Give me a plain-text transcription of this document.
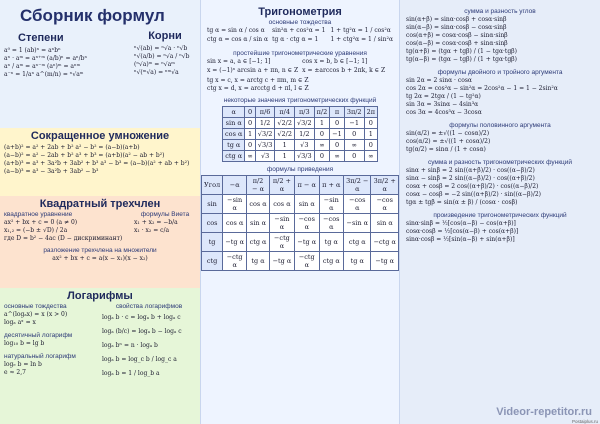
Сборник формул
Степени
a⁰ = 1 (ab)ⁿ = aⁿbⁿ
aⁿ · aᵐ = aⁿ⁺ᵐ (a/b)ⁿ = aⁿ/bⁿ
aⁿ / aᵐ = aⁿ⁻ᵐ (aⁿ)ᵐ = aⁿᵐ
a⁻ⁿ = 1/aⁿ a^(m/n) = ⁿ√aᵐ
Корни
ⁿ√(ab) = ⁿ√a · ⁿ√b
ⁿ√(a/b) = ⁿ√a / ⁿ√b
(ⁿ√a)ᵐ = ⁿ√aᵐ
ⁿ√(ᵐ√a) = ⁿᵐ√a
Сокращенное умножение
(a+b)² = a² + 2ab + b² a² − b² = (a−b)(a+b)
(a−b)² = a² − 2ab + b² a³ + b³ = (a+b)(a² − ab + b²)
(a+b)³ = a³ + 3a²b + 3ab² + b³ a³ − b³ = (a−b)(a² + ab + b²)
(a−b)³ = a³ − 3a²b + 3ab² − b³
Квадратный трехчлен
квадратное уравнение
ax² + bx + c = 0 (a ≠ 0)
x₁,₂ = (−b ± √D) / 2a
где D = b² − 4ac (D − дискриминант)
формулы Виета
x₁ + x₂ = −b/a
x₁ · x₂ = c/a
разложение трехчлена на множители
ax² + bx + c = a(x − x₁)(x − x₂)
Логарифмы
основные тождества
a^(logₐx) = x (x > 0)
logₐ aˣ = x
десятичный логарифм
log₁₀ b = lg b
натуральный логарифм
logₑ b = ln b
e ≈ 2,7
свойства логарифмов
logₐ b · c = logₐ b + logₐ c
logₐ (b/c) = logₐ b − logₐ c
logₐ bⁿ = n · logₐ b
logₐ b = log_c b / log_c a
logₐ b = 1 / log_b a
Тригонометрия
основные тождества
tg α = sin α / cos α	sin²α + cos²α = 1 1 + tg²α = 1 / cos²α
ctg α = cos α / sin α tg α · ctg α = 1	1 + ctg²α = 1 / sin²α
простейшие тригонометрические уравнения
sin x = a, a ∈ [−1; 1]	cos x = b, b ∈ [−1; 1]
x = (−1)ⁿ arcsin a + πn, n ∈ Z x = ±arccos b + 2πk, k ∈ Z
tg x = c, x = arctg c + πm, m ∈ Z
ctg x = d, x = arcctg d + πl, l ∈ Z
некоторые значения тригонометрических функций
α	0	π/6	π/4	π/3	π/2	π	3π/2	2π
sin α	0	1/2	√2/2	√3/2	1	0	−1	0
cos α	1	√3/2	√2/2	1/2	0	−1	0	1
tg α	0	√3/3	1	√3	∞	0	∞	0
ctg α	∞	√3	1	√3/3	0	∞	0	∞
формулы приведения
Угол	−α	π/2 − α	π/2 + α	π − α	π + α	3π/2 − α	3π/2 + α
sin	−sin α	cos α	cos α	sin α	−sin α	−cos α	−cos α
cos	cos α	sin α	−sin α	−cos α	−cos α	−sin α	sin α
tg	−tg α	ctg α	−ctg α	−tg α	tg α	ctg α	−ctg α
ctg	−ctg α	tg α	−tg α	−ctg α	ctg α	tg α	−tg α
сумма и разность углов
sin(α+β) = sinα·cosβ + cosα·sinβ
sin(α−β) = sinα·cosβ − cosα·sinβ
cos(α+β) = cosα·cosβ − sinα·sinβ
cos(α−β) = cosα·cosβ + sinα·sinβ
tg(α+β) = (tgα + tgβ) / (1 − tgα·tgβ)
tg(α−β) = (tgα − tgβ) / (1 + tgα·tgβ)
формулы двойного и тройного аргумента
sin 2α = 2 sinα · cosα
cos 2α = cos²α − sin²α = 2cos²α − 1 = 1 − 2sin²α
tg 2α = 2tgα / (1 − tg²α)
sin 3α = 3sinα − 4sin³α
cos 3α = 4cos³α − 3cosα
формулы половинного аргумента
sin(α/2) = ±√((1 − cosα)/2)
cos(α/2) = ±√((1 + cosα)/2)
tg(α/2) = sinα / (1 + cosα)
сумма и разность тригонометрических функций
sinα + sinβ = 2 sin((α+β)/2) · cos((α−β)/2)
sinα − sinβ = 2 sin((α−β)/2) · cos((α+β)/2)
cosα + cosβ = 2 cos((α+β)/2) · cos((α−β)/2)
cosα − cosβ = −2 sin((α+β)/2) · sin((α−β)/2)
tgα ± tgβ = sin(α ± β) / (cosα · cosβ)
произведение тригонометрических функций
sinα·sinβ = ½[cos(α−β) − cos(α+β)]
cosα·cosβ = ½[cos(α−β) + cos(α+β)]
sinα·cosβ = ½[sin(α−β) + sin(α+β)]
Videor-repetitor.ru
Postaiplus.ru
